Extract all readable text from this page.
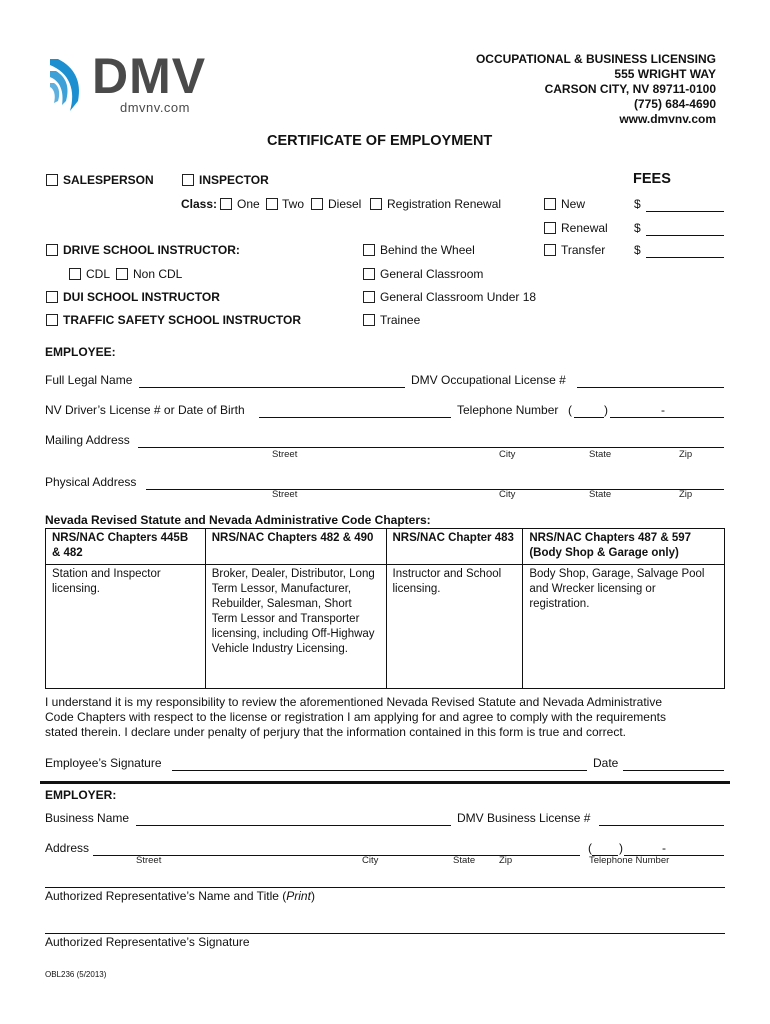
DMV
dmvnv.com
OCCUPATIONAL & BUSINESS LICENSING
555 WRIGHT WAY
CARSON CITY, NV 89711-0100
(775) 684-4690
www.dmvnv.com
CERTIFICATE OF EMPLOYMENT
SALESPERSON	INSPECTOR
Class: One Two Diesel Registration Renewal
DRIVE SCHOOL INSTRUCTOR:
CDL Non CDL
DUI SCHOOL INSTRUCTOR
TRAFFIC SAFETY SCHOOL INSTRUCTOR
Behind the Wheel
General Classroom
General Classroom Under 18
Trainee
FEES
New	$
Renewal $
Transfer $
EMPLOYEE:
Full Legal Name	DMV Occupational License #
NV Driver’s License # or Date of Birth	Telephone Number (	)	-
Mailing Address
Street	City	State	Zip
Physical Address
Street	City	State	Zip
Nevada Revised Statute and Nevada Administrative Code Chapters:
NRS/NAC Chapters 445B & 482	NRS/NAC Chapters 482 & 490	NRS/NAC Chapter 483	NRS/NAC Chapters 487 & 597 (Body Shop & Garage only)
Station and Inspector licensing.	Broker, Dealer, Distributor, Long Term Lessor, Manufacturer, Rebuilder, Salesman, Short Term Lessor and Transporter licensing, including Off-Highway Vehicle Industry Licensing.	Instructor and School licensing.	Body Shop, Garage, Salvage Pool and Wrecker licensing or registration.
I understand it is my responsibility to review the aforementioned Nevada Revised Statute and Nevada Administrative
Code Chapters with respect to the license or registration I am applying for and agree to comply with the requirements
stated therein. I declare under penalty of perjury that the information contained in this form is true and correct.
Employee’s Signature	Date
EMPLOYER:
Business Name	DMV Business License #
Address	( )	-
Street	City	State	Zip	Telephone Number
Authorized Representative’s Name and Title (Print)
Authorized Representative’s Signature
OBL236 (5/2013)
